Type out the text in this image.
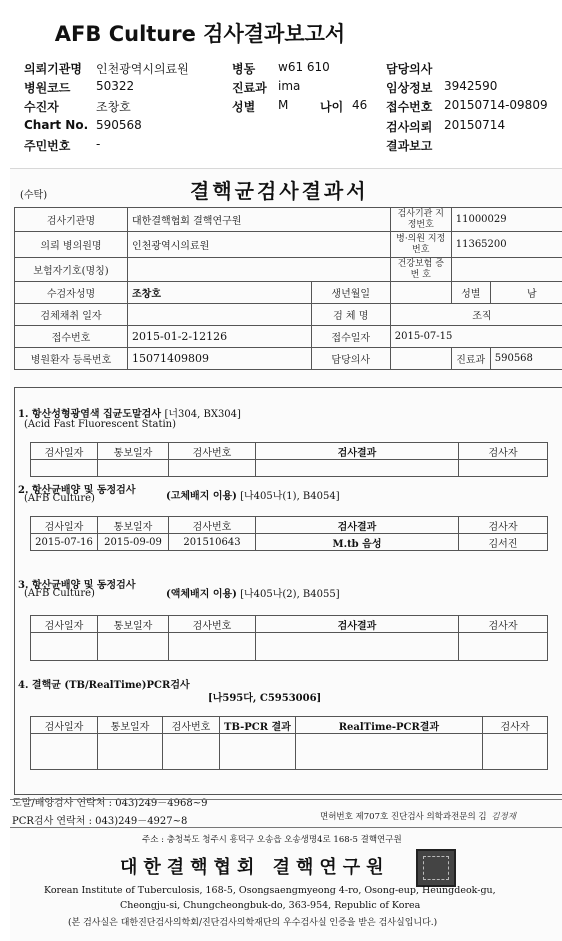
AFB Culture 검사결과보고서
의뢰기관명 인천광역시의료원	병동 w61 610	담당의사
병원코드 50322	진료과 ima	임상정보 3942590
수진자	조창호	성별 M	나이 46 접수번호 20150714-09809
Chart No. 590568	검사의뢰 20150714
주민번호 -	결과보고
(수탁)	결핵균검사결과서
검사기관명	대한결핵협회 결핵연구원		검사기관 지정번호	11000029	
의뢰 병의원명	인천광역시의료원		병·의원 지정번호	11365200	
보험자기호(명칭)			건강보험 증 번 호		
수검자성명	조창호	생년월일		성별	남
검체채취 일자		검 체 명	조직		
접수번호	2015-01-2-12126	접수일자	2015-07-15		
병원환자 등록번호	15071409809	담당의사		진료과	590568
1. 항산성형광염색 집균도말검사 [너304, BX304]
(Acid Fast Fluorescent Statin)
검사일자	통보일자	검사번호	검사결과	검사자

2. 항산균배양 및 동정검사
(AFB Culture)	(고체배지 이용) [나405나(1), B4054]
검사일자	통보일자	검사번호	검사결과	검사자
2015-07-16	2015-09-09	201510643	M.tb 음성	김서진
3. 항산균배양 및 동정검사
(AFB Culture)	(액체배지 이용) [나405나(2), B4055]
검사일자	통보일자	검사번호	검사결과	검사자

4. 결핵균 (TB/RealTime)PCR검사
[나595다, C5953006]
검사일자	통보일자	검사번호	TB-PCR 결과	RealTime-PCR결과	검사자

도말/배양검사 연락처 : 043)249－4968~9
PCR검사 연락처 : 043)249－4927~8	면허번호 제707호 진단검사 의학과전문의 김 김정재
주소 : 충청북도 청주시 흥덕구 오송읍 오송생명4로 168-5 결핵연구원
대한결핵협회 결핵연구원
Korean Institute of Tuberculosis, 168-5, Osongsaengmyeong 4-ro, Osong-eup, Heungdeok-gu,
Cheongju-si, Chungcheongbuk-do, 363-954, Republic of Korea
(본 검사실은 대한진단검사의학회/진단검사의학재단의 우수검사실 인증을 받은 검사실입니다.)
